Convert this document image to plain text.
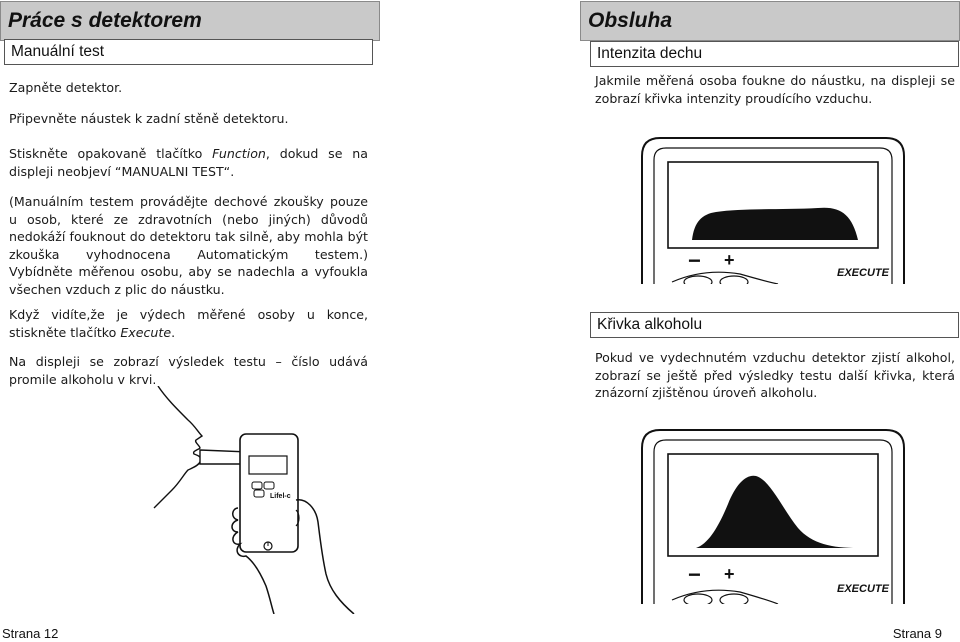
Práce s detektorem
Manuální test

Zapněte detektor.

Připevněte náustek k zadní stěně detektoru.

Stiskněte opakovaně tlačítko Function, dokud se na displeji neobjeví “MANUALNI TEST“.

(Manuálním testem provádějte dechové zkoušky pouze u osob, které ze zdravotních (nebo jiných) důvodů nedokáží fouknout do detektoru tak silně, aby mohla být zkouška vyhodnocena Automatickým testem.) Vybídněte měřenou osobu, aby se nadechla a vyfoukla všechen vzduch z plic do náustku.

Když vidíte,že je výdech měřené osoby u konce, stiskněte tlačítko Execute.

Na displeji se zobrazí výsledek testu – číslo udává promile alkoholu v krvi.

Lifel-c
Strana 12
Obsluha
Intenzita dechu

Jakmile měřená osoba foukne do náustku, na displeji se zobrazí křivka intenzity proudícího vzduchu.

− +
EXECUTE
Křivka alkoholu

Pokud ve vydechnutém vzduchu detektor zjistí alkohol, zobrazí se ještě před výsledky testu další křivka, která znázorní zjištěnou úroveň alkoholu.

− +
EXECUTE
Strana 9
